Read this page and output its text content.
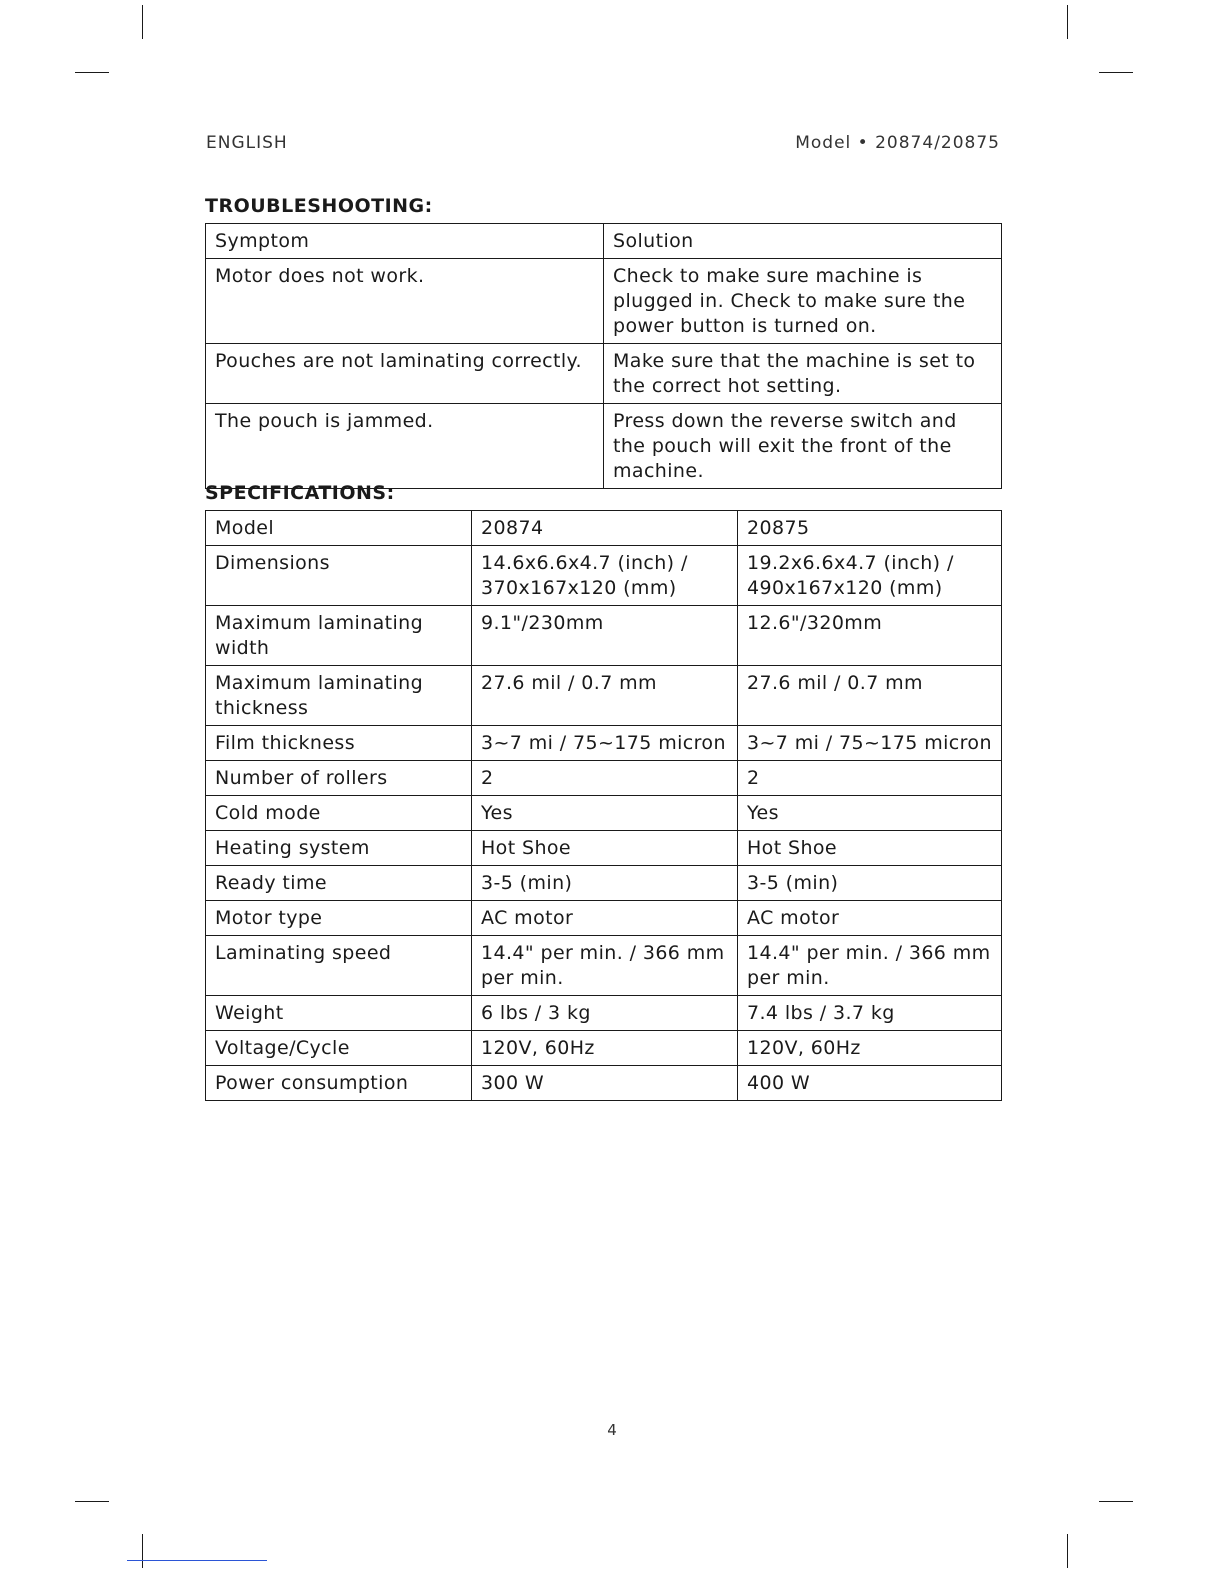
ENGLISH	Model • 20874/20875
TROUBLESHOOTING:
Symptom	Solution
Motor does not work.	Check to make sure machine is plugged in. Check to make sure the power button is turned on.
Pouches are not laminating correctly.	Make sure that the machine is set to the correct hot setting.
The pouch is jammed.	Press down the reverse switch and the pouch will exit the front of the machine.
SPECIFICATIONS:
Model	20874	20875
Dimensions	14.6x6.6x4.7 (inch) / 370x167x120 (mm)	19.2x6.6x4.7 (inch) / 490x167x120 (mm)
Maximum laminating width	9.1"/230mm	12.6"/320mm
Maximum laminating thickness	27.6 mil / 0.7 mm	27.6 mil / 0.7 mm
Film thickness	3~7 mi / 75~175 micron	3~7 mi / 75~175 micron
Number of rollers	2	2
Cold mode	Yes	Yes
Heating system	Hot Shoe	Hot Shoe
Ready time	3-5 (min)	3-5 (min)
Motor type	AC motor	AC motor
Laminating speed	14.4" per min. / 366 mm per min.	14.4" per min. / 366 mm per min.
Weight	6 lbs / 3 kg	7.4 lbs / 3.7 kg
Voltage/Cycle	120V, 60Hz	120V, 60Hz
Power consumption	300 W	400 W
4
